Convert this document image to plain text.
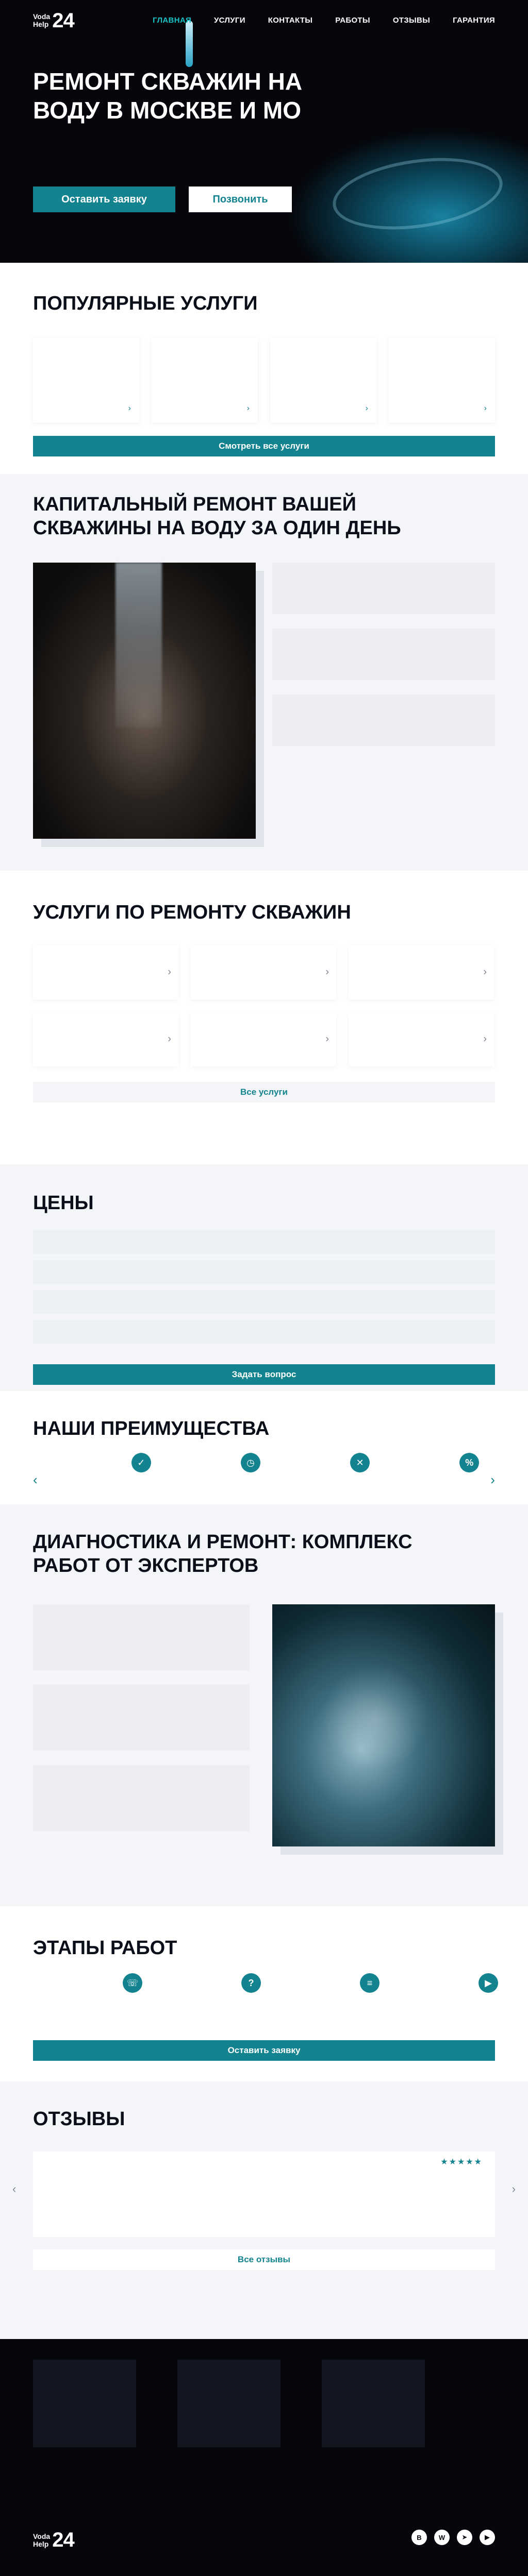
Voda
Help 24	ГЛАВНАЯ	УСЛУГИ	КОНТАКТЫ	РАБОТЫ	ОТЗЫВЫ	ГАРАНТИЯ
РЕМОНТ СКВАЖИН НА ВОДУ В МОСКВЕ И МО
Оставить заявку	Позвонить
ПОПУЛЯРНЫЕ УСЛУГИ
›	›	›	›
Смотреть все услуги
КАПИТАЛЬНЫЙ РЕМОНТ ВАШЕЙ СКВАЖИНЫ НА ВОДУ ЗА ОДИН ДЕНЬ
УСЛУГИ ПО РЕМОНТУ СКВАЖИН
›	›	›
›	›	›
Все услуги
ЦЕНЫ
Задать вопрос
НАШИ ПРЕИМУЩЕСТВА
‹
✓	◷	✕	%
›
ДИАГНОСТИКА И РЕМОНТ: КОМПЛЕКС РАБОТ ОТ ЭКСПЕРТОВ
ЭТАПЫ РАБОТ
☏	?	≡	▶
Оставить заявку
ОТЗЫВЫ
★★★★★
‹	›
Все отзывы
Voda
Help 24	В	W	➤	▶
